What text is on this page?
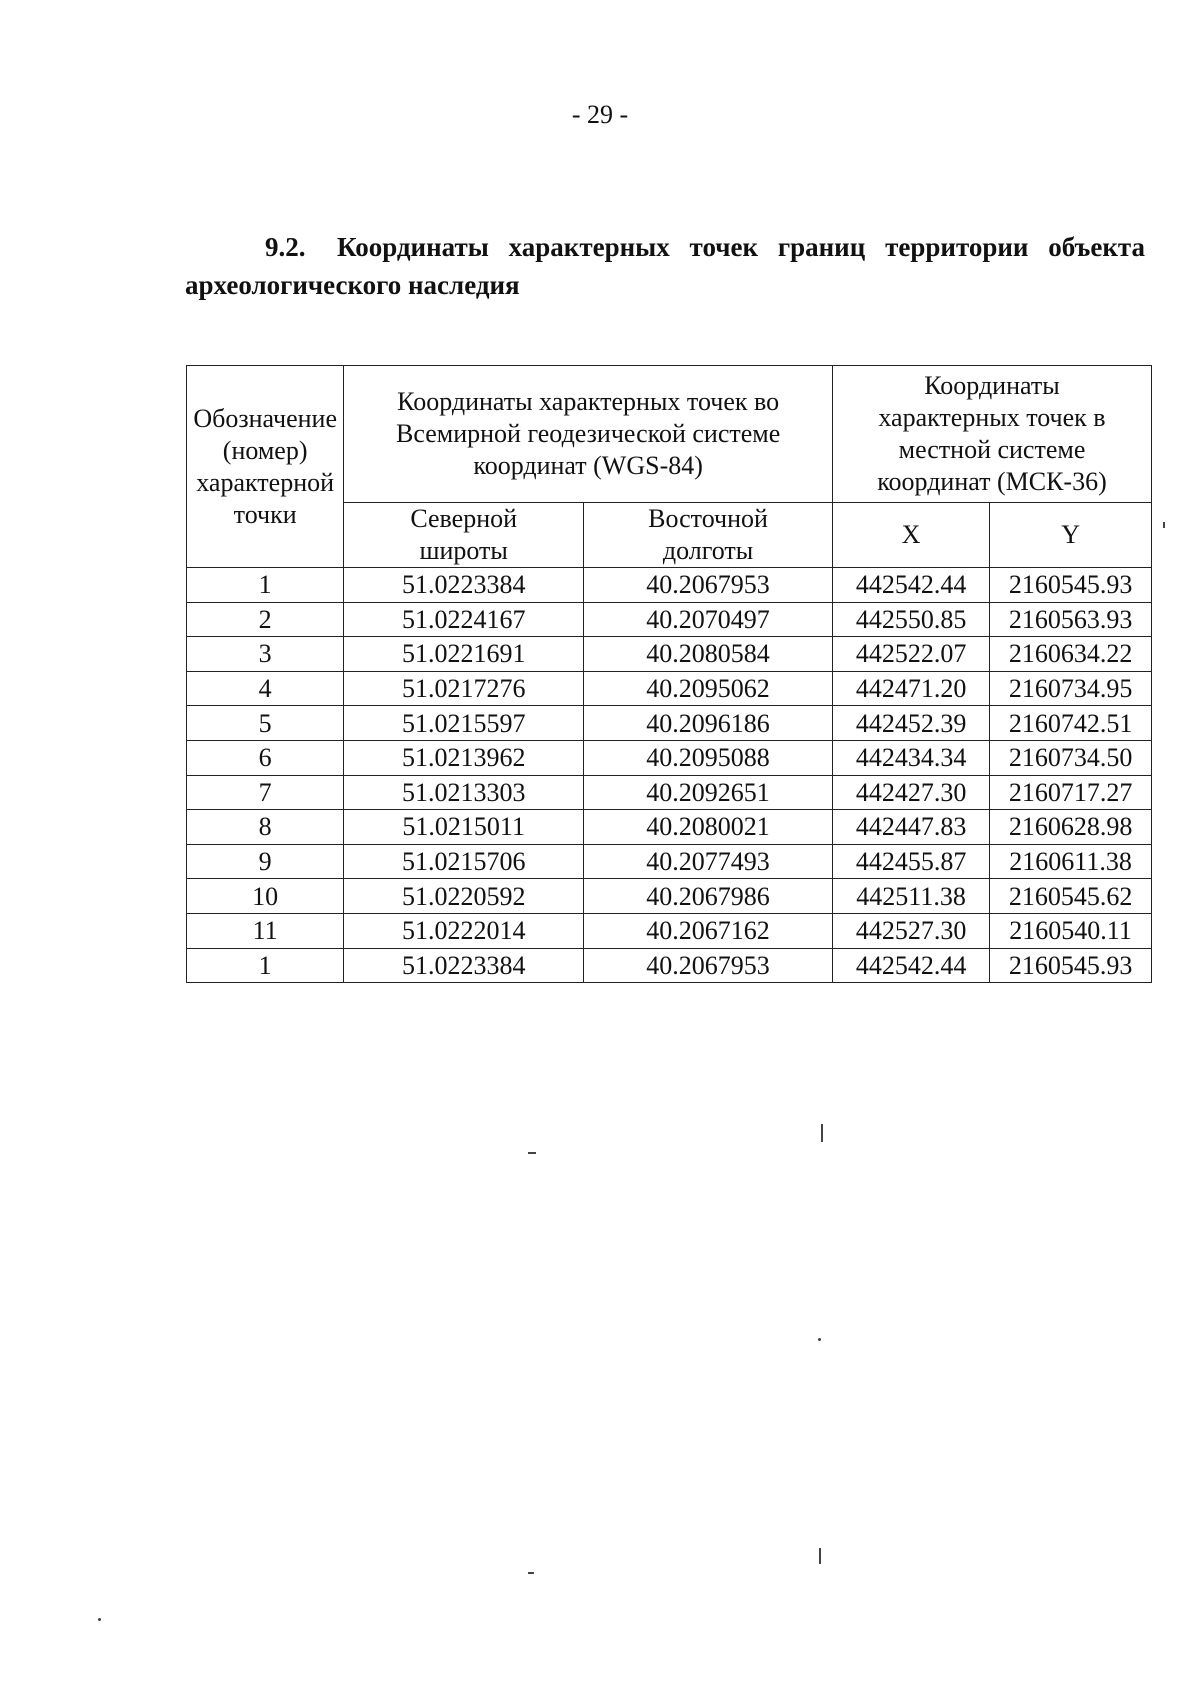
- 29 -
9.2. Координаты характерных точек границ территории объекта археологического наследия
Обозначение (номер) характерной точки	Координаты характерных точек во Всемирной геодезической системе координат (WGS-84)		Координаты характерных точек в местной системе координат (МСК-36)	
	Северной широты	Восточной долготы	X	Y
1	51.0223384	40.2067953	442542.44	2160545.93
2	51.0224167	40.2070497	442550.85	2160563.93
3	51.0221691	40.2080584	442522.07	2160634.22
4	51.0217276	40.2095062	442471.20	2160734.95
5	51.0215597	40.2096186	442452.39	2160742.51
6	51.0213962	40.2095088	442434.34	2160734.50
7	51.0213303	40.2092651	442427.30	2160717.27
8	51.0215011	40.2080021	442447.83	2160628.98
9	51.0215706	40.2077493	442455.87	2160611.38
10	51.0220592	40.2067986	442511.38	2160545.62
11	51.0222014	40.2067162	442527.30	2160540.11
1	51.0223384	40.2067953	442542.44	2160545.93
